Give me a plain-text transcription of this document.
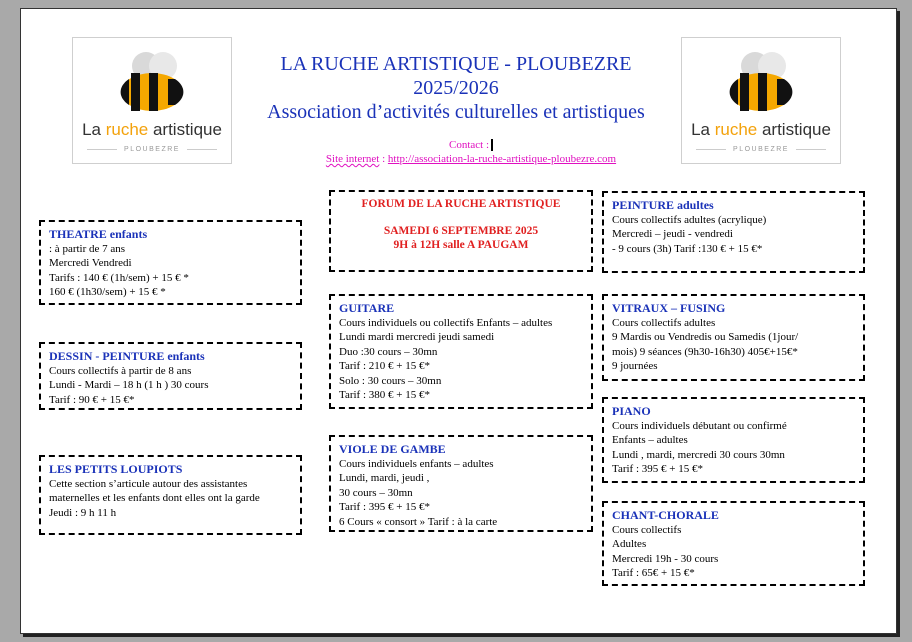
La ruche artistique
PLOUBEZRE
La ruche artistique
PLOUBEZRE
LA RUCHE ARTISTIQUE - PLOUBEZRE
2025/2026
Association d’activités culturelles et artistiques
Contact :
Site internet : http://association-la-ruche-artistique-ploubezre.com
THEATRE enfants
: à partir de 7 ans
Mercredi Vendredi
Tarifs : 140 € (1h/sem) + 15 € *
160 € (1h30/sem) + 15 € *
DESSIN - PEINTURE enfants
Cours collectifs à partir de 8 ans
Lundi - Mardi – 18 h (1 h ) 30 cours
Tarif : 90 € + 15 €*
LES PETITS LOUPIOTS
Cette section s’articule autour des assistantes
maternelles et les enfants dont elles ont la garde
Jeudi : 9 h 11 h
FORUM DE LA RUCHE ARTISTIQUE
SAMEDI 6 SEPTEMBRE 2025
9H à 12H salle A PAUGAM
GUITARE
Cours individuels ou collectifs Enfants – adultes
Lundi mardi mercredi jeudi samedi
Duo :30 cours – 30mn
Tarif : 210 € + 15 €*
Solo : 30 cours – 30mn
Tarif : 380 € + 15 €*
VIOLE DE GAMBE
Cours individuels enfants – adultes
Lundi, mardi, jeudi ,
30 cours – 30mn
Tarif : 395 € + 15 €*
6 Cours « consort » Tarif : à la carte
PEINTURE adultes
Cours collectifs adultes (acrylique)
Mercredi – jeudi - vendredi
- 9 cours (3h) Tarif :130 € + 15 €*
VITRAUX – FUSING
Cours collectifs adultes
9 Mardis ou Vendredis ou Samedis (1jour/
mois) 9 séances (9h30-16h30) 405€+15€*
9 journées
PIANO
Cours individuels débutant ou confirmé
Enfants – adultes
Lundi , mardi, mercredi 30 cours 30mn
Tarif : 395 € + 15 €*
CHANT-CHORALE
Cours collectifs
Adultes
Mercredi 19h - 30 cours
Tarif : 65€ + 15 €*
